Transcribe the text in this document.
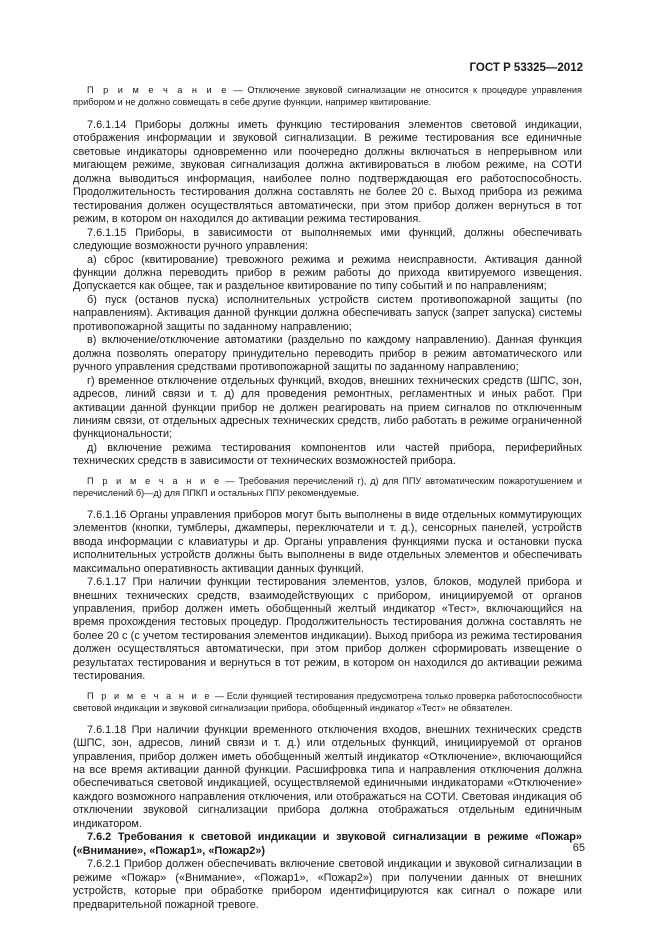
ГОСТ Р 53325—2012

П р и м е ч а н и е — Отключение звуковой сигнализации не относится к процедуре управления прибором и не должно совмещать в себе другие функции, например квитирование.

7.6.1.14 Приборы должны иметь функцию тестирования элементов световой индикации, отображения информации и звуковой сигнализации. В режиме тестирования все единичные световые индикаторы одновременно или поочередно должны включаться в непрерывном или мигающем режиме, звуковая сигнализация должна активироваться в любом режиме, на СОТИ должна выводиться информация, наиболее полно подтверждающая его работоспособность. Продолжительность тестирования должна составлять не более 20 с. Выход прибора из режима тестирования должен осуществляться автоматически, при этом прибор должен вернуться в тот режим, в котором он находился до активации режима тестирования.

7.6.1.15 Приборы, в зависимости от выполняемых ими функций, должны обеспечивать следующие возможности ручного управления:

а) сброс (квитирование) тревожного режима и режима неисправности. Активация данной функции должна переводить прибор в режим работы до прихода квитируемого извещения. Допускается как общее, так и раздельное квитирование по типу событий и по направлениям;

б) пуск (останов пуска) исполнительных устройств систем противопожарной защиты (по направлениям). Активация данной функции должна обеспечивать запуск (запрет запуска) системы противопожарной защиты по заданному направлению;

в) включение/отключение автоматики (раздельно по каждому направлению). Данная функция должна позволять оператору принудительно переводить прибор в режим автоматического или ручного управления средствами противопожарной защиты по заданному направлению;

г) временное отключение отдельных функций, входов, внешних технических средств (ШПС, зон, адресов, линий связи и т. д) для проведения ремонтных, регламентных и иных работ. При активации данной функции прибор не должен реагировать на прием сигналов по отключенным линиям связи, от отдельных адресных технических средств, либо работать в режиме ограниченной функциональности;

д) включение режима тестирования компонентов или частей прибора, периферийных технических средств в зависимости от технических возможностей прибора.

П р и м е ч а н и е — Требования перечислений г), д) для ППУ автоматическим пожаротушением и перечислений б)—д) для ППКП и остальных ППУ рекомендуемые.

7.6.1.16 Органы управления приборов могут быть выполнены в виде отдельных коммутирующих элементов (кнопки, тумблеры, джамперы, переключатели и т. д.), сенсорных панелей, устройств ввода информации с клавиатуры и др. Органы управления функциями пуска и остановки пуска исполнительных устройств должны быть выполнены в виде отдельных элементов и обеспечивать максимально оперативность активации данных функций.

7.6.1.17 При наличии функции тестирования элементов, узлов, блоков, модулей прибора и внешних технических средств, взаимодействующих с прибором, инициируемой от органов управления, прибор должен иметь обобщенный желтый индикатор «Тест», включающийся на время прохождения тестовых процедур. Продолжительность тестирования должна составлять не более 20 с (с учетом тестирования элементов индикации). Выход прибора из режима тестирования должен осуществляться автоматически, при этом прибор должен сформировать извещение о результатах тестирования и вернуться в тот режим, в котором он находился до активации режима тестирования.

П р и м е ч а н и е — Если функцией тестирования предусмотрена только проверка работоспособности световой индикации и звуковой сигнализации прибора, обобщенный индикатор «Тест» не обязателен.

7.6.1.18 При наличии функции временного отключения входов, внешних технических средств (ШПС, зон, адресов, линий связи и т. д.) или отдельных функций, инициируемой от органов управления, прибор должен иметь обобщенный желтый индикатор «Отключение», включающийся на все время активации данной функции. Расшифровка типа и направления отключения должна обеспечиваться световой индикацией, осуществляемой единичными индикаторами «Отключение» каждого возможного направления отключения, или отображаться на СОТИ. Световая индикация об отключении звуковой сигнализации прибора должна отображаться отдельным единичным индикатором.

7.6.2 Требования к световой индикации и звуковой сигнализации в режиме «Пожар» («Внимание», «Пожар1», «Пожар2»)

7.6.2.1 Прибор должен обеспечивать включение световой индикации и звуковой сигнализации в режиме «Пожар» («Внимание», «Пожар1», «Пожар2») при получении данных от внешних устройств, которые при обработке прибором идентифицируются как сигнал о пожаре или предварительной пожарной тревоге.

65
